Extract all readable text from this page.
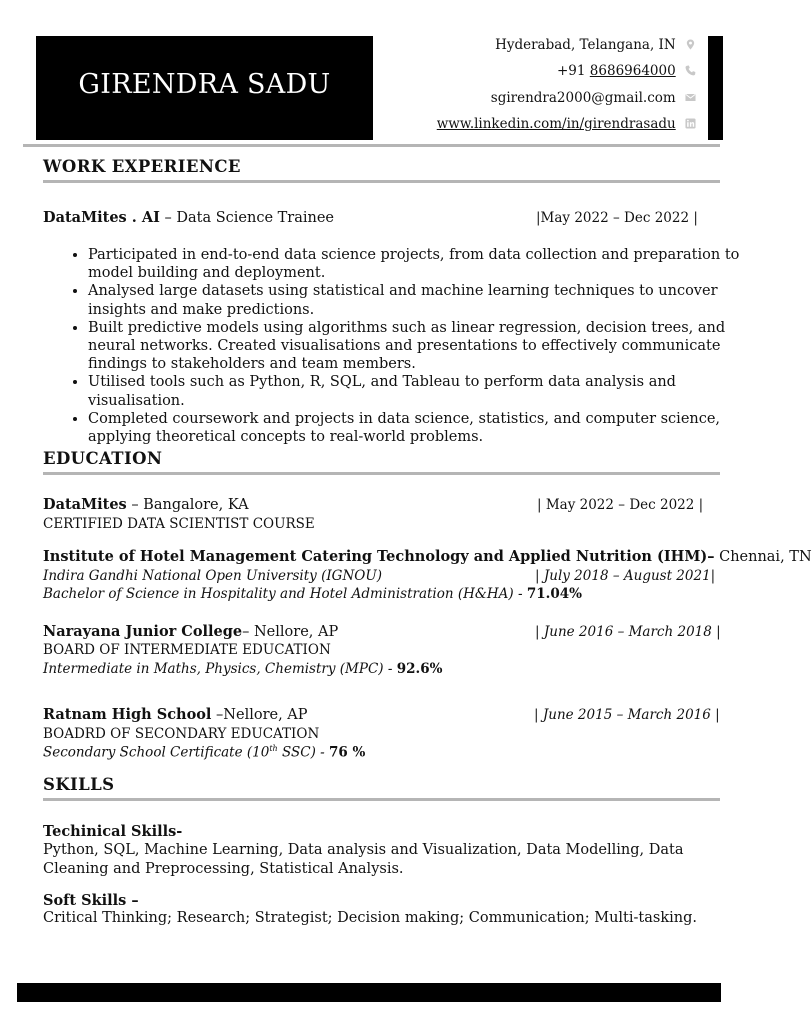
GIRENDRA SADU
Hyderabad, Telangana, IN
+91 8686964000
sgirendra2000@gmail.com
www.linkedin.com/in/girendrasadu
WORK EXPERIENCE
DataMites . AI – Data Science Trainee	|May 2022 – Dec 2022 |
• Participated in end-to-end data science projects, from data collection and preparation to model building and deployment.
• Analysed large datasets using statistical and machine learning techniques to uncover insights and make predictions.
• Built predictive models using algorithms such as linear regression, decision trees, and neural networks. Created visualisations and presentations to effectively communicate findings to stakeholders and team members.
• Utilised tools such as Python, R, SQL, and Tableau to perform data analysis and visualisation.
• Completed coursework and projects in data science, statistics, and computer science, applying theoretical concepts to real-world problems.
EDUCATION
DataMites – Bangalore, KA	| May 2022 – Dec 2022 |
CERTIFIED DATA SCIENTIST COURSE
Institute of Hotel Management Catering Technology and Applied Nutrition (IHM)– Chennai, TN
Indira Gandhi National Open University (IGNOU)	| July 2018 – August 2021|
Bachelor of Science in Hospitality and Hotel Administration (H&HA) - 71.04%
Narayana Junior College– Nellore, AP	| June 2016 – March 2018 |
BOARD OF INTERMEDIATE EDUCATION
Intermediate in Maths, Physics, Chemistry (MPC) - 92.6%
Ratnam High School –Nellore, AP	| June 2015 – March 2016 |
BOADRD OF SECONDARY EDUCATION
Secondary School Certificate (10th SSC) - 76 %
SKILLS
Techinical Skills-
Python, SQL, Machine Learning, Data analysis and Visualization, Data Modelling, Data Cleaning and Preprocessing, Statistical Analysis.
Soft Skills –
Critical Thinking; Research; Strategist; Decision making; Communication; Multi-tasking.
